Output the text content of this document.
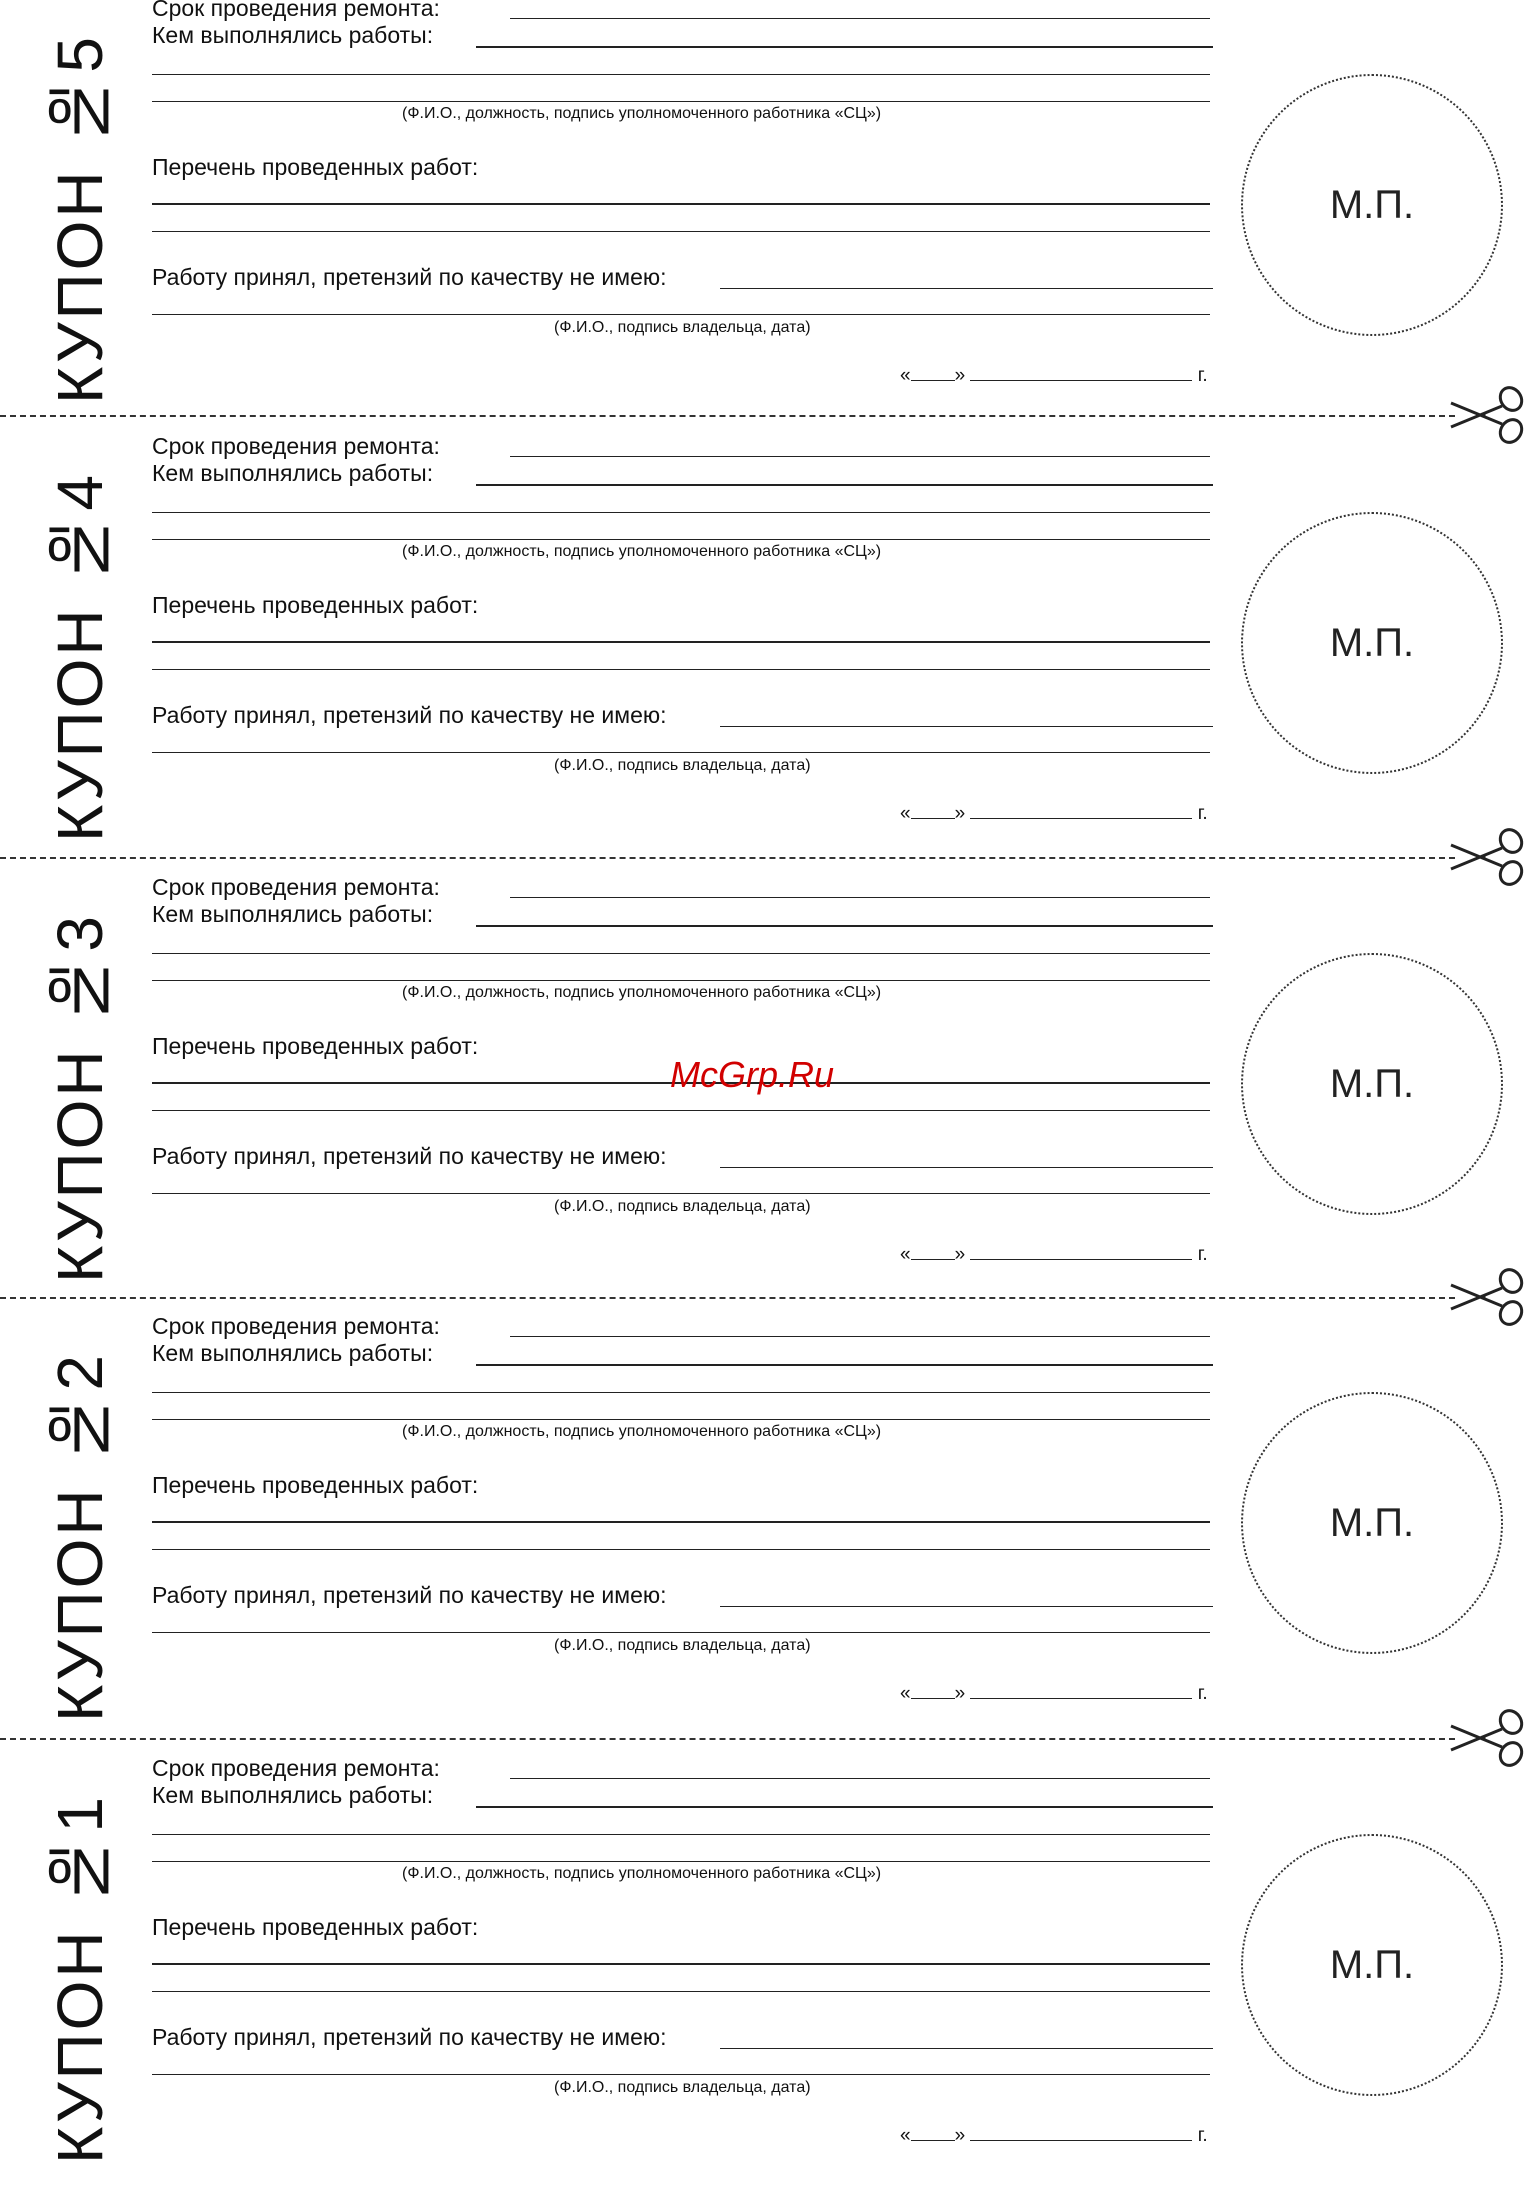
КУПОН №5
Срок проведения ремонта:
Кем выполнялись работы:
(Ф.И.О., должность, подпись уполномоченного работника «СЦ»)
Перечень проведенных работ:
Работу принял, претензий по качеству не имею:
(Ф.И.О., подпись владельца, дата)
« »	г.
М.П.
КУПОН №4
Срок проведения ремонта:
Кем выполнялись работы:
(Ф.И.О., должность, подпись уполномоченного работника «СЦ»)
Перечень проведенных работ:
Работу принял, претензий по качеству не имею:
(Ф.И.О., подпись владельца, дата)
« »	г.
М.П.
КУПОН №3
Срок проведения ремонта:
Кем выполнялись работы:
(Ф.И.О., должность, подпись уполномоченного работника «СЦ»)
Перечень проведенных работ:
Работу принял, претензий по качеству не имею:
(Ф.И.О., подпись владельца, дата)
« »	г.
М.П.
КУПОН №2
Срок проведения ремонта:
Кем выполнялись работы:
(Ф.И.О., должность, подпись уполномоченного работника «СЦ»)
Перечень проведенных работ:
Работу принял, претензий по качеству не имею:
(Ф.И.О., подпись владельца, дата)
« »	г.
М.П.
КУПОН №1
Срок проведения ремонта:
Кем выполнялись работы:
(Ф.И.О., должность, подпись уполномоченного работника «СЦ»)
Перечень проведенных работ:
Работу принял, претензий по качеству не имею:
(Ф.И.О., подпись владельца, дата)
« »	г.
М.П.
McGrp.Ru
